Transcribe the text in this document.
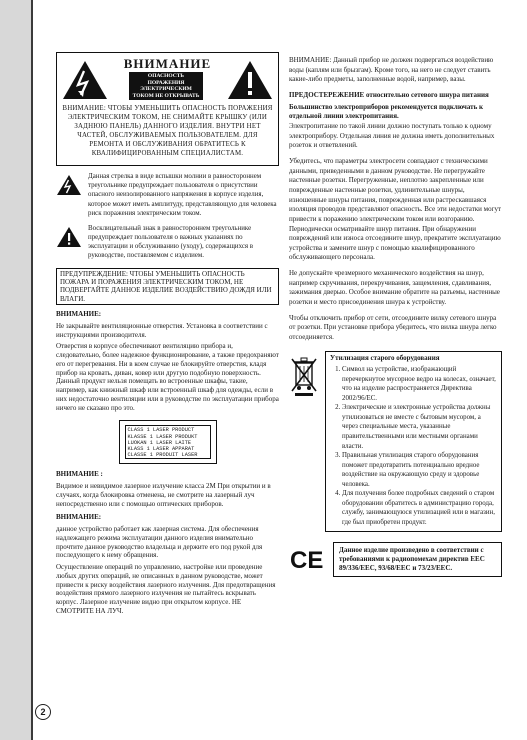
2
ВНИМАНИЕ
ОПАСНОСТЬ ПОРАЖЕНИЯ ЭЛЕКТРИЧЕСКИМ ТОКОМ НЕ ОТКРЫВАТЬ
ВНИМАНИЕ: ЧТОБЫ УМЕНЬШИТЬ ОПАСНОСТЬ ПОРАЖЕНИЯ ЭЛЕКТРИЧЕСКИМ ТОКОМ, НЕ СНИМАЙТЕ КРЫШКУ (ИЛИ ЗАДНЮЮ ПАНЕЛЬ) ДАННОГО ИЗДЕЛИЯ. ВНУТРИ НЕТ ЧАСТЕЙ, ОБСЛУЖИВАЕМЫХ ПОЛЬЗОВАТЕЛЕМ. ДЛЯ РЕМОНТА И ОБСЛУЖИВАНИЯ ОБРАТИТЕСЬ К КВАЛИФИЦИРОВАННЫМ СПЕЦИАЛИСТАМ.
Данная стрелка в виде вспышки молнии в равностороннем треугольнике предупреждает пользователя о присутствии опасного неизолированного напряжения в корпусе изделия, которое может иметь амплитуду, представляющую для человека риск поражения электрическим током.
Восклицательный знак в равностороннем треугольнике предупреждает пользователя о важных указаниях по эксплуатации и обслуживанию (уходу), содержащихся в руководстве, поставляемом с изделием.
ПРЕДУПРЕЖДЕНИЕ: ЧТОБЫ УМЕНЬШИТЬ ОПАСНОСТЬ ПОЖАРА И ПОРАЖЕНИЯ ЭЛЕКТРИЧЕСКИМ ТОКОМ, НЕ ПОДВЕРГАЙТЕ ДАННОЕ ИЗДЕЛИЕ ВОЗДЕЙСТВИЮ ДОЖДЯ ИЛИ ВЛАГИ.

ВНИМАНИЕ:

Не закрывайте вентиляционные отверстия. Установка в соответствии с инструкциями производителя.

Отверстия в корпусе обеспечивают вентиляцию прибора и, следовательно, более надежное функционирование, а также предохраняют его от перегревания. Ни в коем случае не блокируйте отверстия, кладя прибор на кровать, диван, ковер или другую подобную поверхность. Данный продукт нельзя помещать во встроенные шкафы, такие, например, как книжный шкаф или встроенный шкаф для одежды, если в них недостаточно вентиляции или в руководстве по эксплуатации прибора ничего не сказано про это.

CLASS 1 LASER PRODUCT
KLASSE 1 LASER PRODUKT
LUOKAN 1 LASER LAITE
KLASS 1 LASER APPARAT
CLASSE 1 PRODUIT LASER

ВНИМАНИЕ :

Видимое и невидимое лазерное излучение класса 2M При открытии и в случаях, когда блокировка отменена, не смотрите на лазерный луч непосредственно или с помощью оптических приборов.

ВНИМАНИЕ:

данное устройство работает как лазерная система. Для обеспечения надлежащего режима эксплуатации данного изделия внимательно прочтите данное руководство владельца и держите его под рукой для последующего к нему обращения.

Осуществление операций по управлению, настройке или проведение любых других операций, не описанных в данном руководстве, может привести к риску воздействия лазерного излучения. Для предотвращения воздействия прямого лазерного излучения не пытайтесь вскрывать корпус. Лазерное излучение видно при открытом корпусе. НЕ СМОТРИТЕ НА ЛУЧ.

ВНИМАНИЕ: Данный прибор не должен подвергаться воздействию воды (каплям или брызгам). Кроме того, на него не следует ставить какие-либо предметы, заполненные водой, например, вазы.

ПРЕДОСТЕРЕЖЕНИЕ относительно сетевого шнура питания

Большинство электроприборов рекомендуется подключать к отдельной линии электропитания.

Электропитание по такой линии должно поступать только к одному электроприбору. Отдельная линия не должна иметь дополнительных розеток и ответвлений.

Убедитесь, что параметры электросети совпадают с техническими данными, приведенными в данном руководстве. Не перегружайте настенные розетки. Перегруженные, неплотно закрепленные или поврежденные настенные розетки, удлинительные шнуры, изношенные шнуры питания, поврежденная или растрескавшаяся изоляция проводов представляют опасность. Все эти недостатки могут привести к поражению электрическим током или возгоранию. Периодически осматривайте шнур питания. При обнаружении повреждений или износа отсоедините шнур, прекратите эксплуатацию устройства и замените шнур с помощью квалифицированного обслуживающего персонала.

Не допускайте чрезмерного механического воздействия на шнур, например скручивания, перекручивания, защемления, сдавливания, зажимания дверью. Особое внимание обратите на разъемы, настенные розетки и место присоединения шнура к устройству.

Чтобы отключить прибор от сети, отсоедините вилку сетевого шнура от розетки. При установке прибора убедитесь, что вилка шнура легко отсоединяется.

Утилизация старого оборудования
1. Символ на устройстве, изображающий перечеркнутое мусорное ведро на колесах, означает, что на изделие распространяется Директива 2002/96/EC.
2. Электрические и электронные устройства должны утилизоваться не вместе с бытовым мусором, а через специальные места, указанные правительственными или местными органами власти.
3. Правильная утилизация старого оборудования поможет предотвратить потенциально вредное воздействие на окружающую среду и здоровье человека.
4. Для получения более подробных сведений о старом оборудовании обратитесь в администрацию города, службу, занимающуюся утилизацией или в магазин, где был приобретен продукт.
CE	Данное изделие произведено в соответствии с требованиями к радиопомехам директив ЕЕС 89/336/EEC, 93/68/EEC и 73/23/EEC.
